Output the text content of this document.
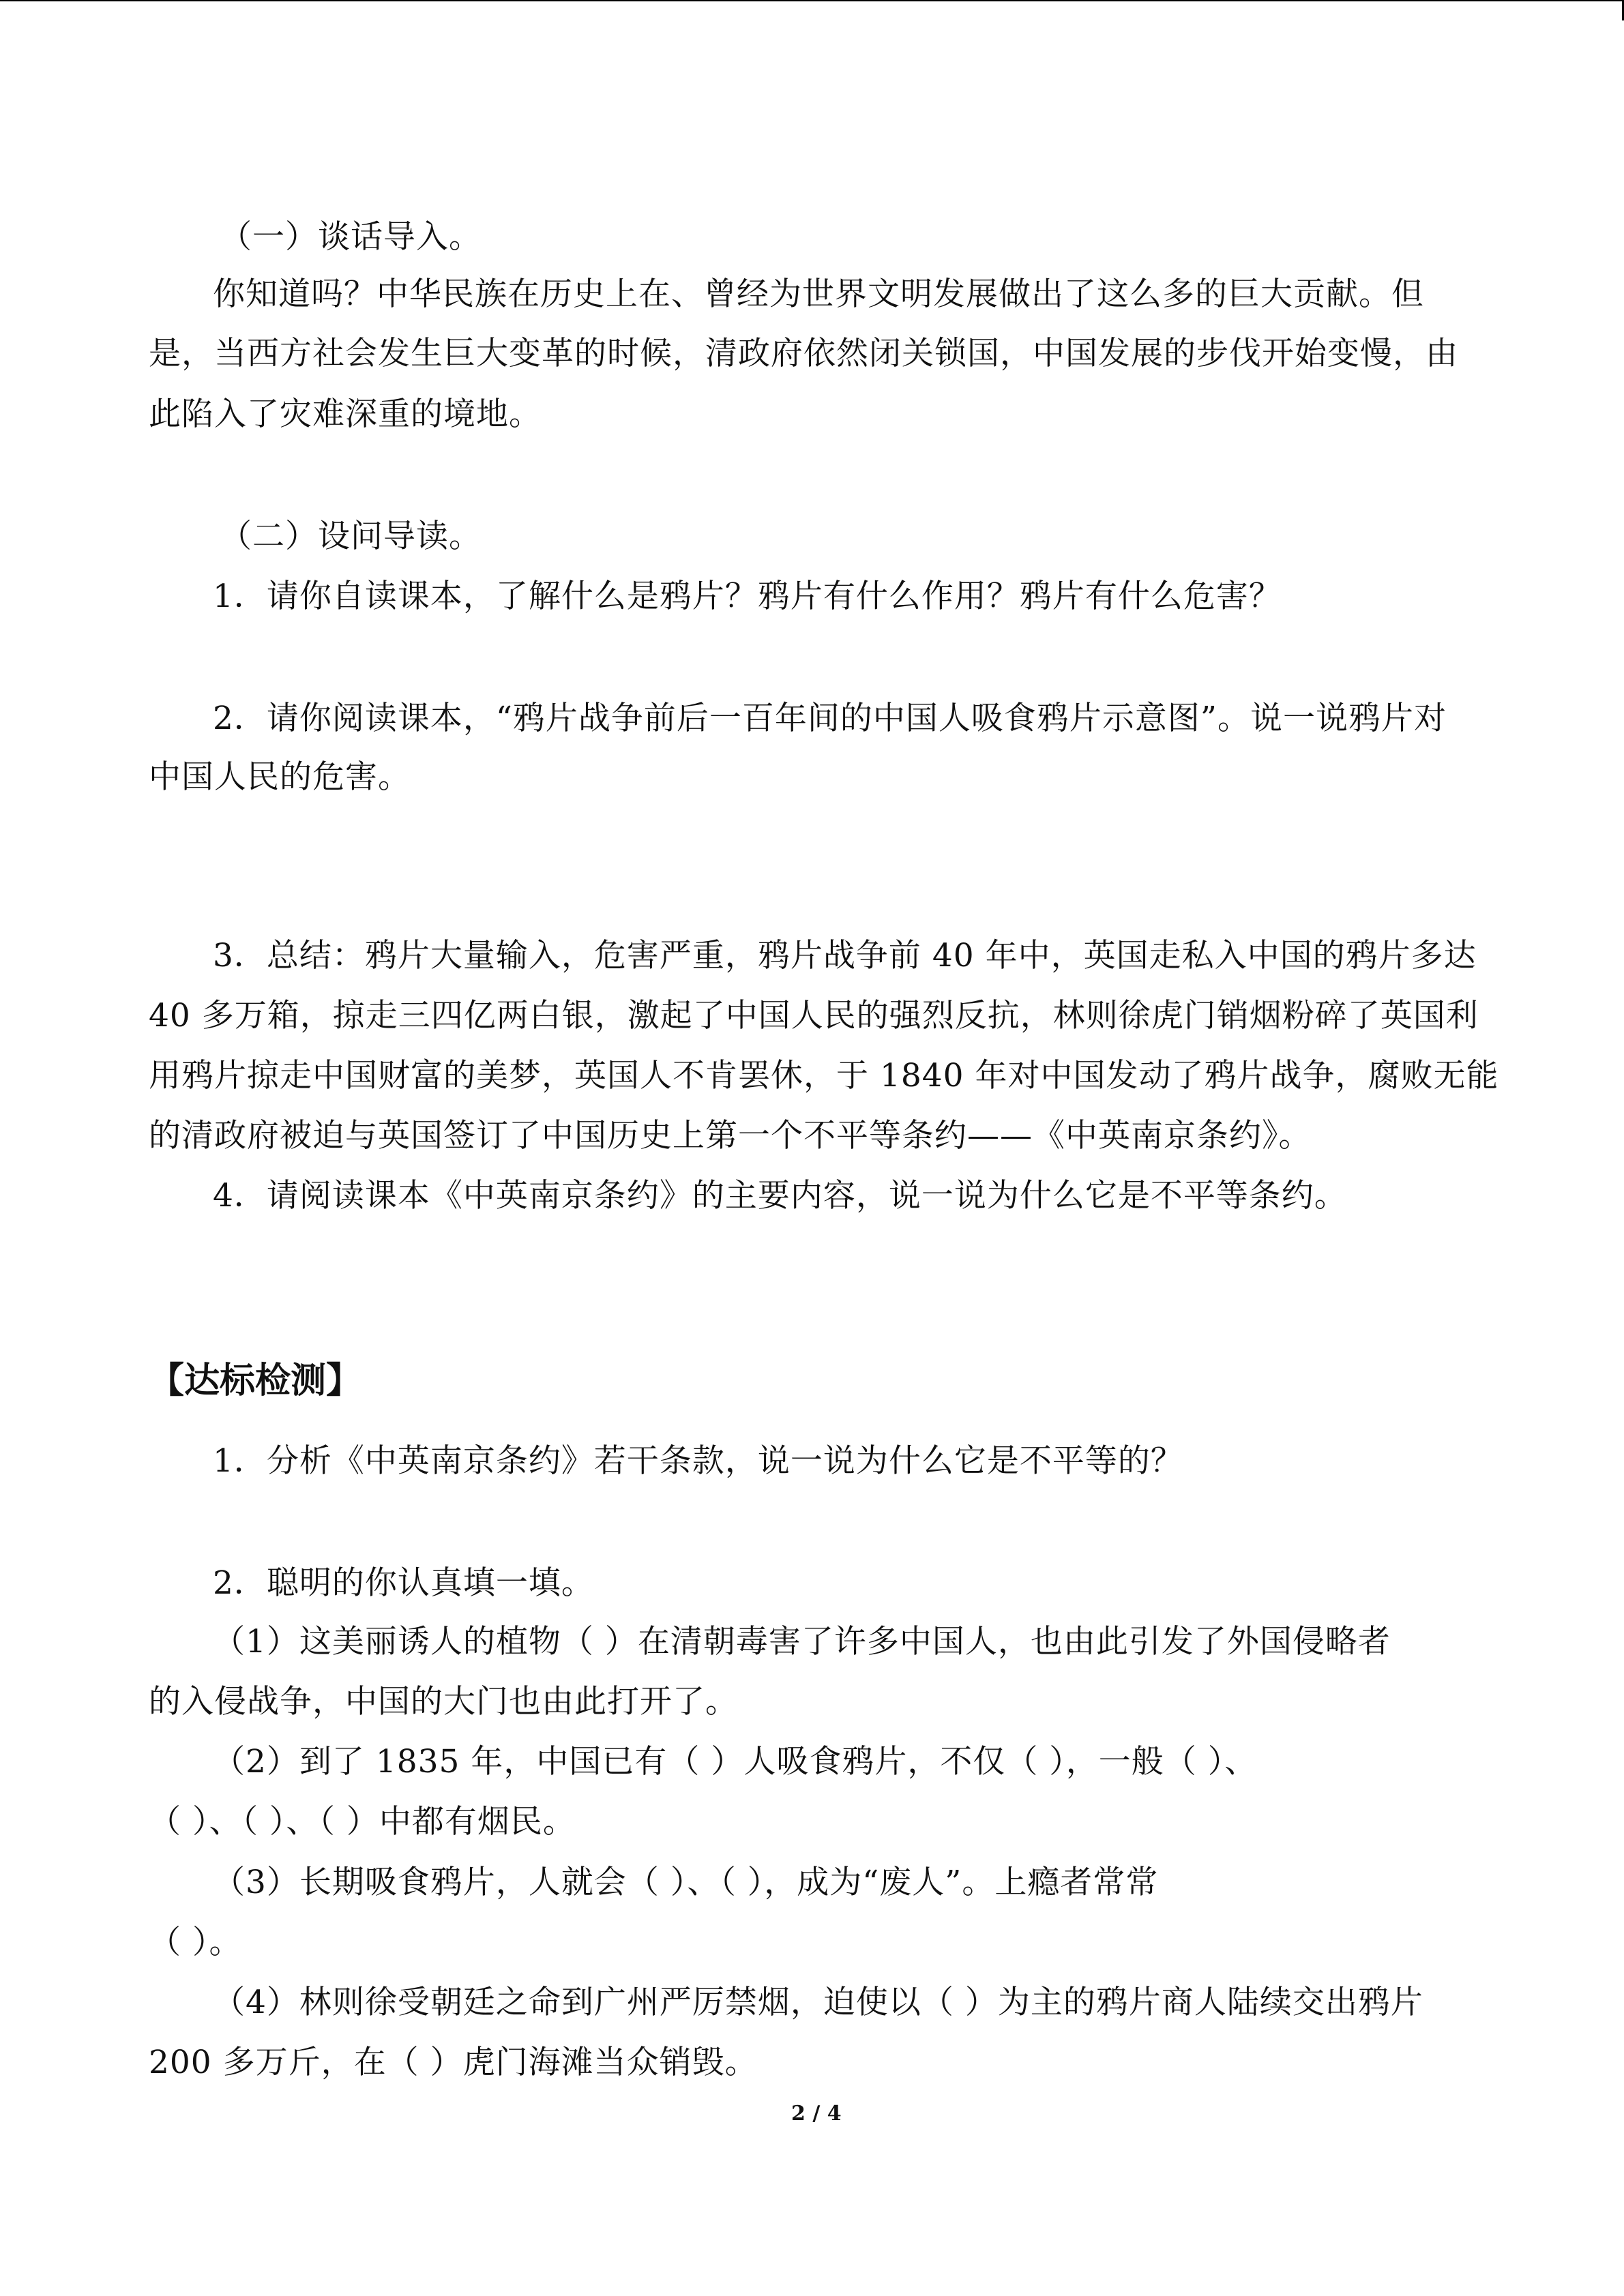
（一）谈话导入。
你知道吗？中华民族在历史上在、曾经为世界文明发展做出了这么多的巨大贡献。但
是，当西方社会发生巨大变革的时候，清政府依然闭关锁国，中国发展的步伐开始变慢，由
此陷入了灾难深重的境地。
（二）设问导读。
1．请你自读课本，了解什么是鸦片？鸦片有什么作用？鸦片有什么危害？
2．请你阅读课本，“鸦片战争前后一百年间的中国人吸食鸦片示意图”。说一说鸦片对
中国人民的危害。
3．总结：鸦片大量输入，危害严重，鸦片战争前 40 年中，英国走私入中国的鸦片多达
40 多万箱，掠走三四亿两白银，激起了中国人民的强烈反抗，林则徐虎门销烟粉碎了英国利
用鸦片掠走中国财富的美梦，英国人不肯罢休，于 1840 年对中国发动了鸦片战争，腐败无能
的清政府被迫与英国签订了中国历史上第一个不平等条约——《中英南京条约》。
4．请阅读课本《中英南京条约》的主要内容，说一说为什么它是不平等条约。
【达标检测】
1．分析《中英南京条约》若干条款，说一说为什么它是不平等的？
2．聪明的你认真填一填。
（1）这美丽诱人的植物（ ）在清朝毒害了许多中国人，也由此引发了外国侵略者
的入侵战争，中国的大门也由此打开了。
（2）到了 1835 年，中国已有（ ）人吸食鸦片，不仅（ ），一般（ ）、
（ ）、（ ）、（ ）中都有烟民。
（3）长期吸食鸦片，人就会（ ）、（ ），成为“废人”。上瘾者常常
（ ）。
（4）林则徐受朝廷之命到广州严厉禁烟，迫使以（ ）为主的鸦片商人陆续交出鸦片
200 多万斤，在（ ）虎门海滩当众销毁。
2 / 4
